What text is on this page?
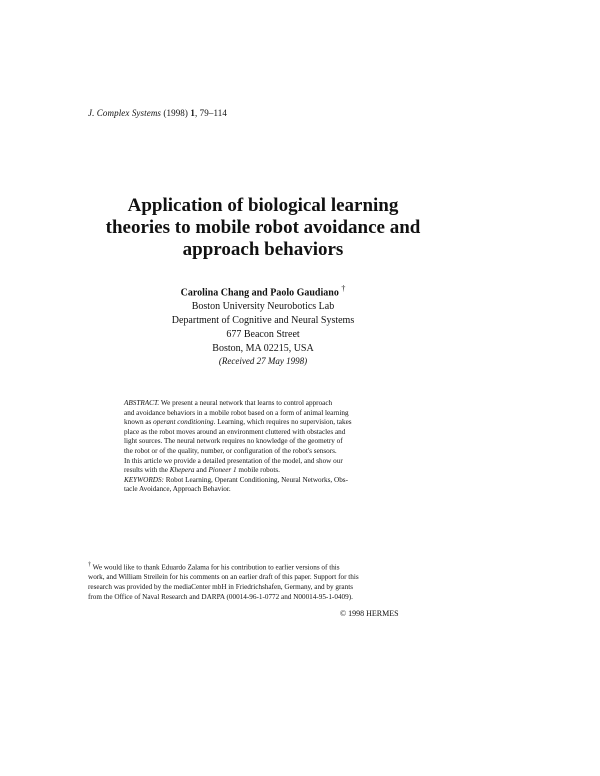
J. Complex Systems (1998) 1, 79–114
Application of biological learning
theories to mobile robot avoidance and
approach behaviors
Carolina Chang and Paolo Gaudiano †
Boston University Neurobotics Lab
Department of Cognitive and Neural Systems
677 Beacon Street
Boston, MA 02215, USA
(Received 27 May 1998)
ABSTRACT. We present a neural network that learns to control approach
and avoidance behaviors in a mobile robot based on a form of animal learning
known as operant conditioning. Learning, which requires no supervision, takes
place as the robot moves around an environment cluttered with obstacles and
light sources. The neural network requires no knowledge of the geometry of
the robot or of the quality, number, or configuration of the robot's sensors.
In this article we provide a detailed presentation of the model, and show our
results with the Khepera and Pioneer 1 mobile robots.
KEYWORDS: Robot Learning, Operant Conditioning, Neural Networks, Obs-
tacle Avoidance, Approach Behavior.
† We would like to thank Eduardo Zalama for his contribution to earlier versions of this
work, and William Streilein for his comments on an earlier draft of this paper. Support for this
research was provided by the mediaCenter mbH in Friedrichshafen, Germany, and by grants
from the Office of Naval Research and DARPA (00014-96-1-0772 and N00014-95-1-0409).
© 1998 HERMES
